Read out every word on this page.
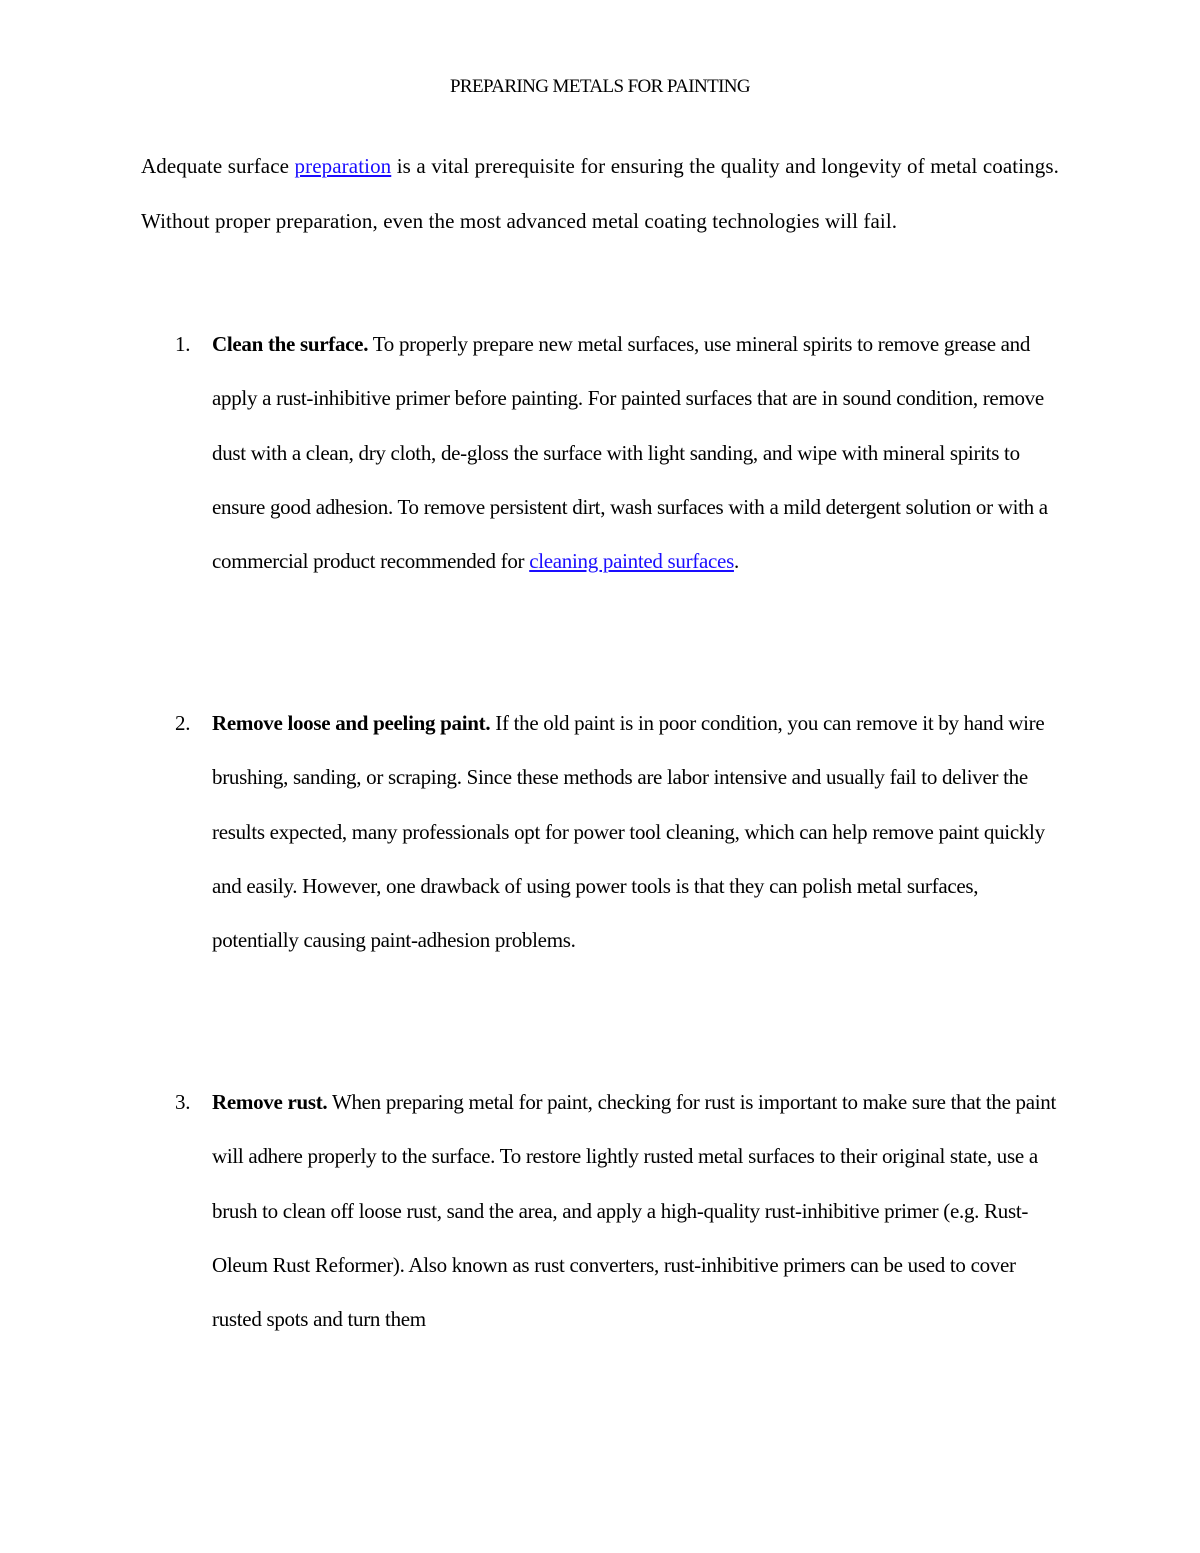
PREPARING METALS FOR PAINTING

Adequate surface preparation is a vital prerequisite for ensuring the quality and longevity of metal coatings. Without proper preparation, even the most advanced metal coating technologies will fail.

1. Clean the surface. To properly prepare new metal surfaces, use mineral spirits to remove grease and apply a rust-inhibitive primer before painting. For painted surfaces that are in sound condition, remove dust with a clean, dry cloth, de-gloss the surface with light sanding, and wipe with mineral spirits to ensure good adhesion. To remove persistent dirt, wash surfaces with a mild detergent solution or with a commercial product recommended for cleaning painted surfaces.
2. Remove loose and peeling paint. If the old paint is in poor condition, you can remove it by hand wire brushing, sanding, or scraping. Since these methods are labor intensive and usually fail to deliver the results expected, many professionals opt for power tool cleaning, which can help remove paint quickly and easily. However, one drawback of using power tools is that they can polish metal surfaces, potentially causing paint-adhesion problems.
3. Remove rust. When preparing metal for paint, checking for rust is important to make sure that the paint will adhere properly to the surface. To restore lightly rusted metal surfaces to their original state, use a brush to clean off loose rust, sand the area, and apply a high-quality rust-inhibitive primer (e.g. Rust-Oleum Rust Reformer). Also known as rust converters, rust-inhibitive primers can be used to cover rusted spots and turn them
